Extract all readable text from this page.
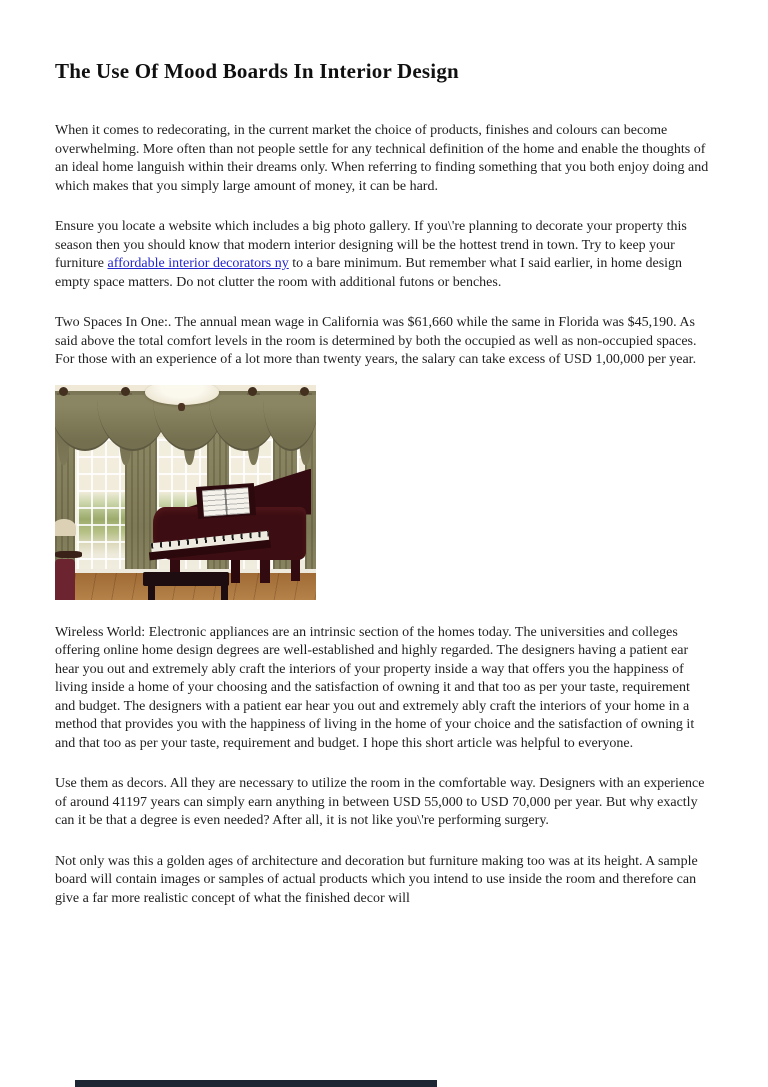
The Use Of Mood Boards In Interior Design

When it comes to redecorating, in the current market the choice of products, finishes and colours can become overwhelming. More often than not people settle for any technical definition of the home and enable the thoughts of an ideal home languish within their dreams only. When referring to finding something that you both enjoy doing and which makes that you simply large amount of money, it can be hard.

Ensure you locate a website which includes a big photo gallery. If you\'re planning to decorate your property this season then you should know that modern interior designing will be the hottest trend in town. Try to keep your furniture affordable interior decorators ny to a bare minimum. But remember what I said earlier, in home design empty space matters. Do not clutter the room with additional futons or benches.

Two Spaces In One:. The annual mean wage in California was $61,660 while the same in Florida was $45,190. As said above the total comfort levels in the room is determined by both the occupied as well as non-occupied spaces. For those with an experience of a lot more than twenty years, the salary can take excess of USD 1,00,000 per year.

Wireless World: Electronic appliances are an intrinsic section of the homes today. The universities and colleges offering online home design degrees are well-established and highly regarded. The designers having a patient ear hear you out and extremely ably craft the interiors of your property inside a way that offers you the happiness of living inside a home of your choosing and the satisfaction of owning it and that too as per your taste, requirement and budget. The designers with a patient ear hear you out and extremely ably craft the interiors of your home in a method that provides you with the happiness of living in the home of your choice and the satisfaction of owning it and that too as per your taste, requirement and budget. I hope this short article was helpful to everyone.

Use them as decors. All they are necessary to utilize the room in the comfortable way. Designers with an experience of around 41197 years can simply earn anything in between USD 55,000 to USD 70,000 per year. But why exactly can it be that a degree is even needed? After all, it is not like you\'re performing surgery.

Not only was this a golden ages of architecture and decoration but furniture making too was at its height. A sample board will contain images or samples of actual products which you intend to use inside the room and therefore can give a far more realistic concept of what the finished decor will
